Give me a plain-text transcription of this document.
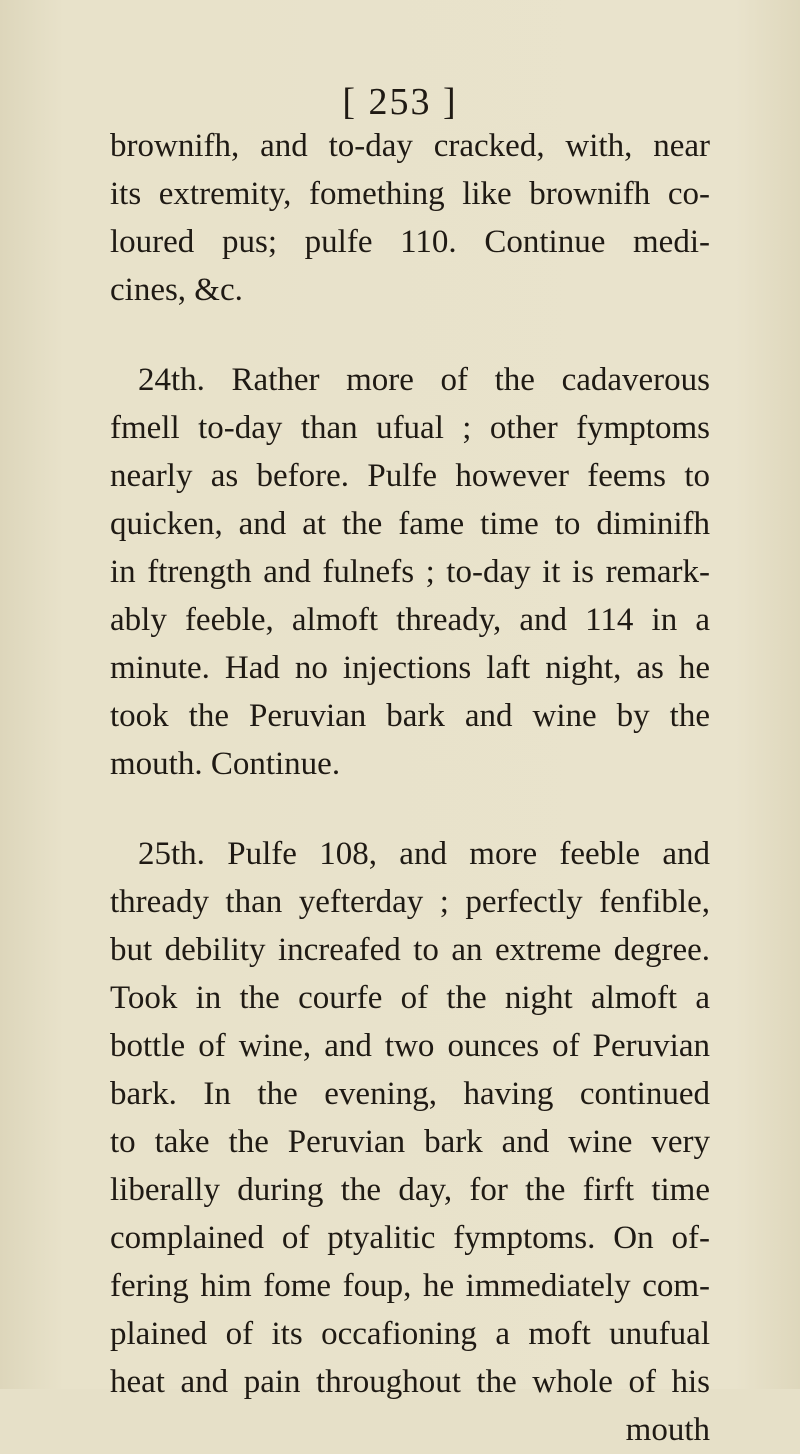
[ 253 ]
brownifh, and to-day cracked, with, near
its extremity, fomething like brownifh co-
loured pus; pulfe 110. Continue medi-
cines, &c.
24th. Rather more of the cadaverous
fmell to-day than ufual ; other fymptoms
nearly as before. Pulfe however feems to
quicken, and at the fame time to diminifh
in ftrength and fulnefs ; to-day it is remark-
ably feeble, almoft thready, and 114 in a
minute. Had no injections laft night, as he
took the Peruvian bark and wine by the
mouth. Continue.
25th. Pulfe 108, and more feeble and
thready than yefterday ; perfectly fenfible,
but debility increafed to an extreme degree.
Took in the courfe of the night almoft a
bottle of wine, and two ounces of Peruvian
bark. In the evening, having continued
to take the Peruvian bark and wine very
liberally during the day, for the firft time
complained of ptyalitic fymptoms. On of-
fering him fome foup, he immediately com-
plained of its occafioning a moft unufual
heat and pain throughout the whole of his
mouth
